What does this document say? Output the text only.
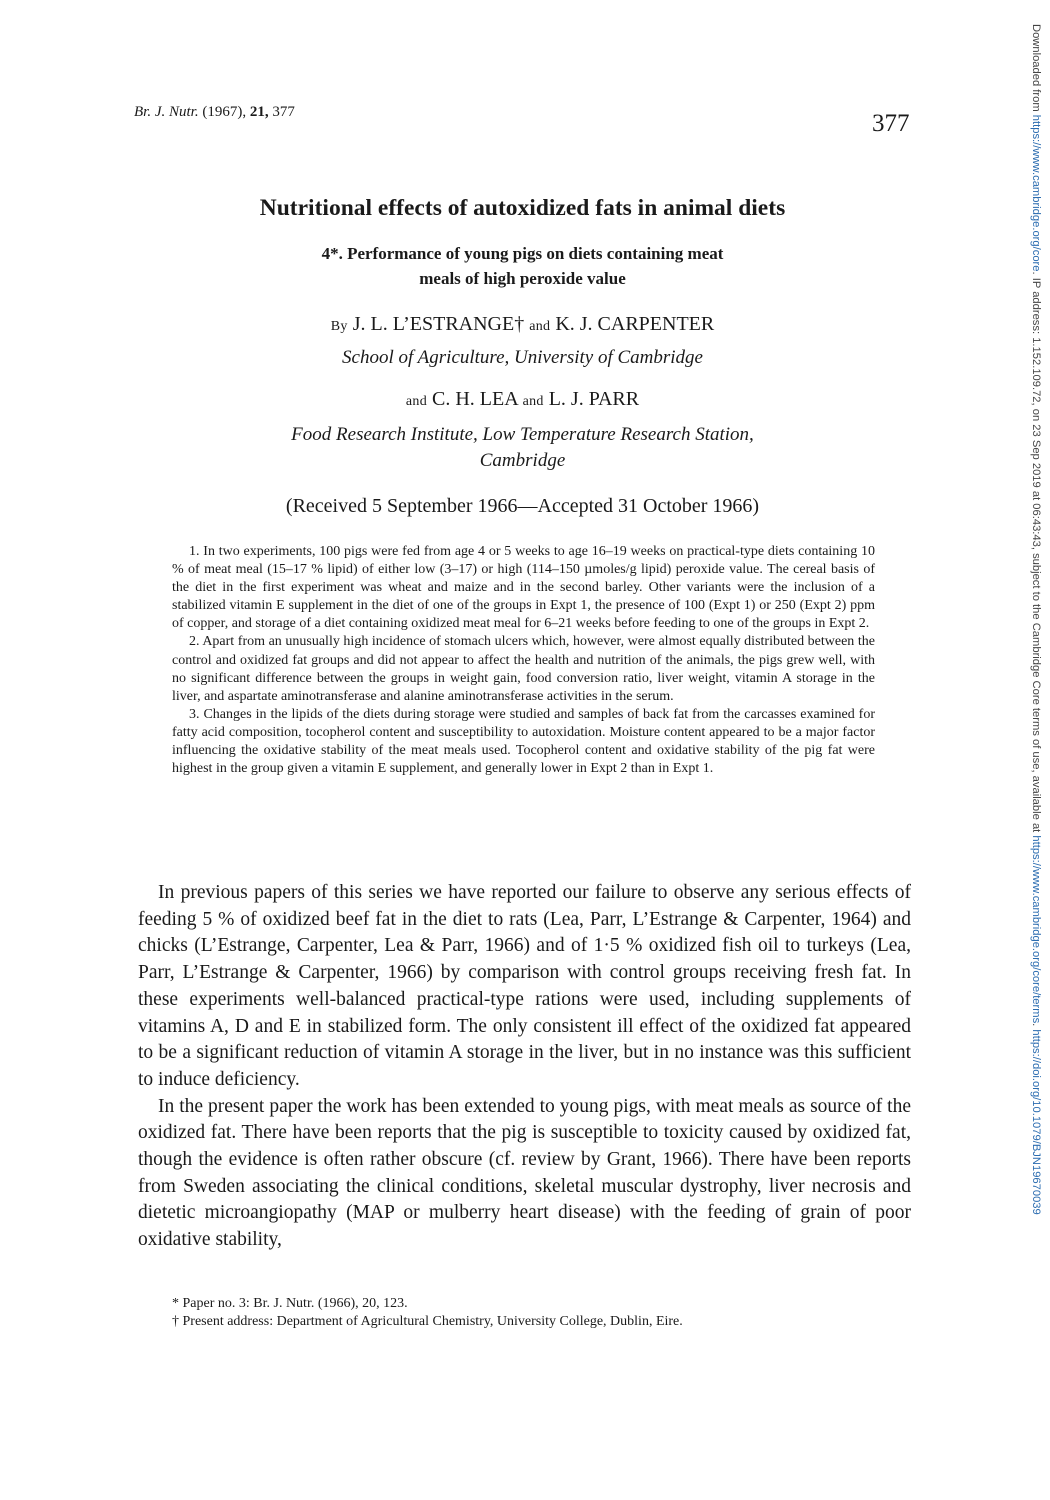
Br. J. Nutr. (1967), 21, 377	377
Nutritional effects of autoxidized fats in animal diets
4*. Performance of young pigs on diets containing meat
meals of high peroxide value
By J. L. L’ESTRANGE† and K. J. CARPENTER
School of Agriculture, University of Cambridge
and C. H. LEA and L. J. PARR
Food Research Institute, Low Temperature Research Station,
Cambridge
(Received 5 September 1966—Accepted 31 October 1966)

1. In two experiments, 100 pigs were fed from age 4 or 5 weeks to age 16–19 weeks on practical-type diets containing 10 % of meat meal (15–17 % lipid) of either low (3–17) or high (114–150 µmoles/g lipid) peroxide value. The cereal basis of the diet in the first experiment was wheat and maize and in the second barley. Other variants were the inclusion of a stabilized vitamin E supplement in the diet of one of the groups in Expt 1, the presence of 100 (Expt 1) or 250 (Expt 2) ppm of copper, and storage of a diet containing oxidized meat meal for 6–21 weeks before feeding to one of the groups in Expt 2.

2. Apart from an unusually high incidence of stomach ulcers which, however, were almost equally distributed between the control and oxidized fat groups and did not appear to affect the health and nutrition of the animals, the pigs grew well, with no significant difference between the groups in weight gain, food conversion ratio, liver weight, vitamin A storage in the liver, and aspartate aminotransferase and alanine aminotransferase activities in the serum.

3. Changes in the lipids of the diets during storage were studied and samples of back fat from the carcasses examined for fatty acid composition, tocopherol content and susceptibility to autoxidation. Moisture content appeared to be a major factor influencing the oxidative stability of the meat meals used. Tocopherol content and oxidative stability of the pig fat were highest in the group given a vitamin E supplement, and generally lower in Expt 2 than in Expt 1.

In previous papers of this series we have reported our failure to observe any serious effects of feeding 5 % of oxidized beef fat in the diet to rats (Lea, Parr, L’Estrange & Carpenter, 1964) and chicks (L’Estrange, Carpenter, Lea & Parr, 1966) and of 1·5 % oxidized fish oil to turkeys (Lea, Parr, L’Estrange & Carpenter, 1966) by comparison with control groups receiving fresh fat. In these experiments well-balanced practical-type rations were used, including supplements of vitamins A, D and E in stabilized form. The only consistent ill effect of the oxidized fat appeared to be a significant reduction of vitamin A storage in the liver, but in no instance was this sufficient to induce deficiency.

In the present paper the work has been extended to young pigs, with meat meals as source of the oxidized fat. There have been reports that the pig is susceptible to toxicity caused by oxidized fat, though the evidence is often rather obscure (cf. review by Grant, 1966). There have been reports from Sweden associating the clinical conditions, skeletal muscular dystrophy, liver necrosis and dietetic microangiopathy (MAP or mulberry heart disease) with the feeding of grain of poor oxidative stability,

* Paper no. 3: Br. J. Nutr. (1966), 20, 123.

† Present address: Department of Agricultural Chemistry, University College, Dublin, Eire.

Downloaded from https://www.cambridge.org/core. IP address: 1.152.109.72, on 23 Sep 2019 at 06:43:43, subject to the Cambridge Core terms of use, available at https://www.cambridge.org/core/terms. https://doi.org/10.1079/BJN19670039
